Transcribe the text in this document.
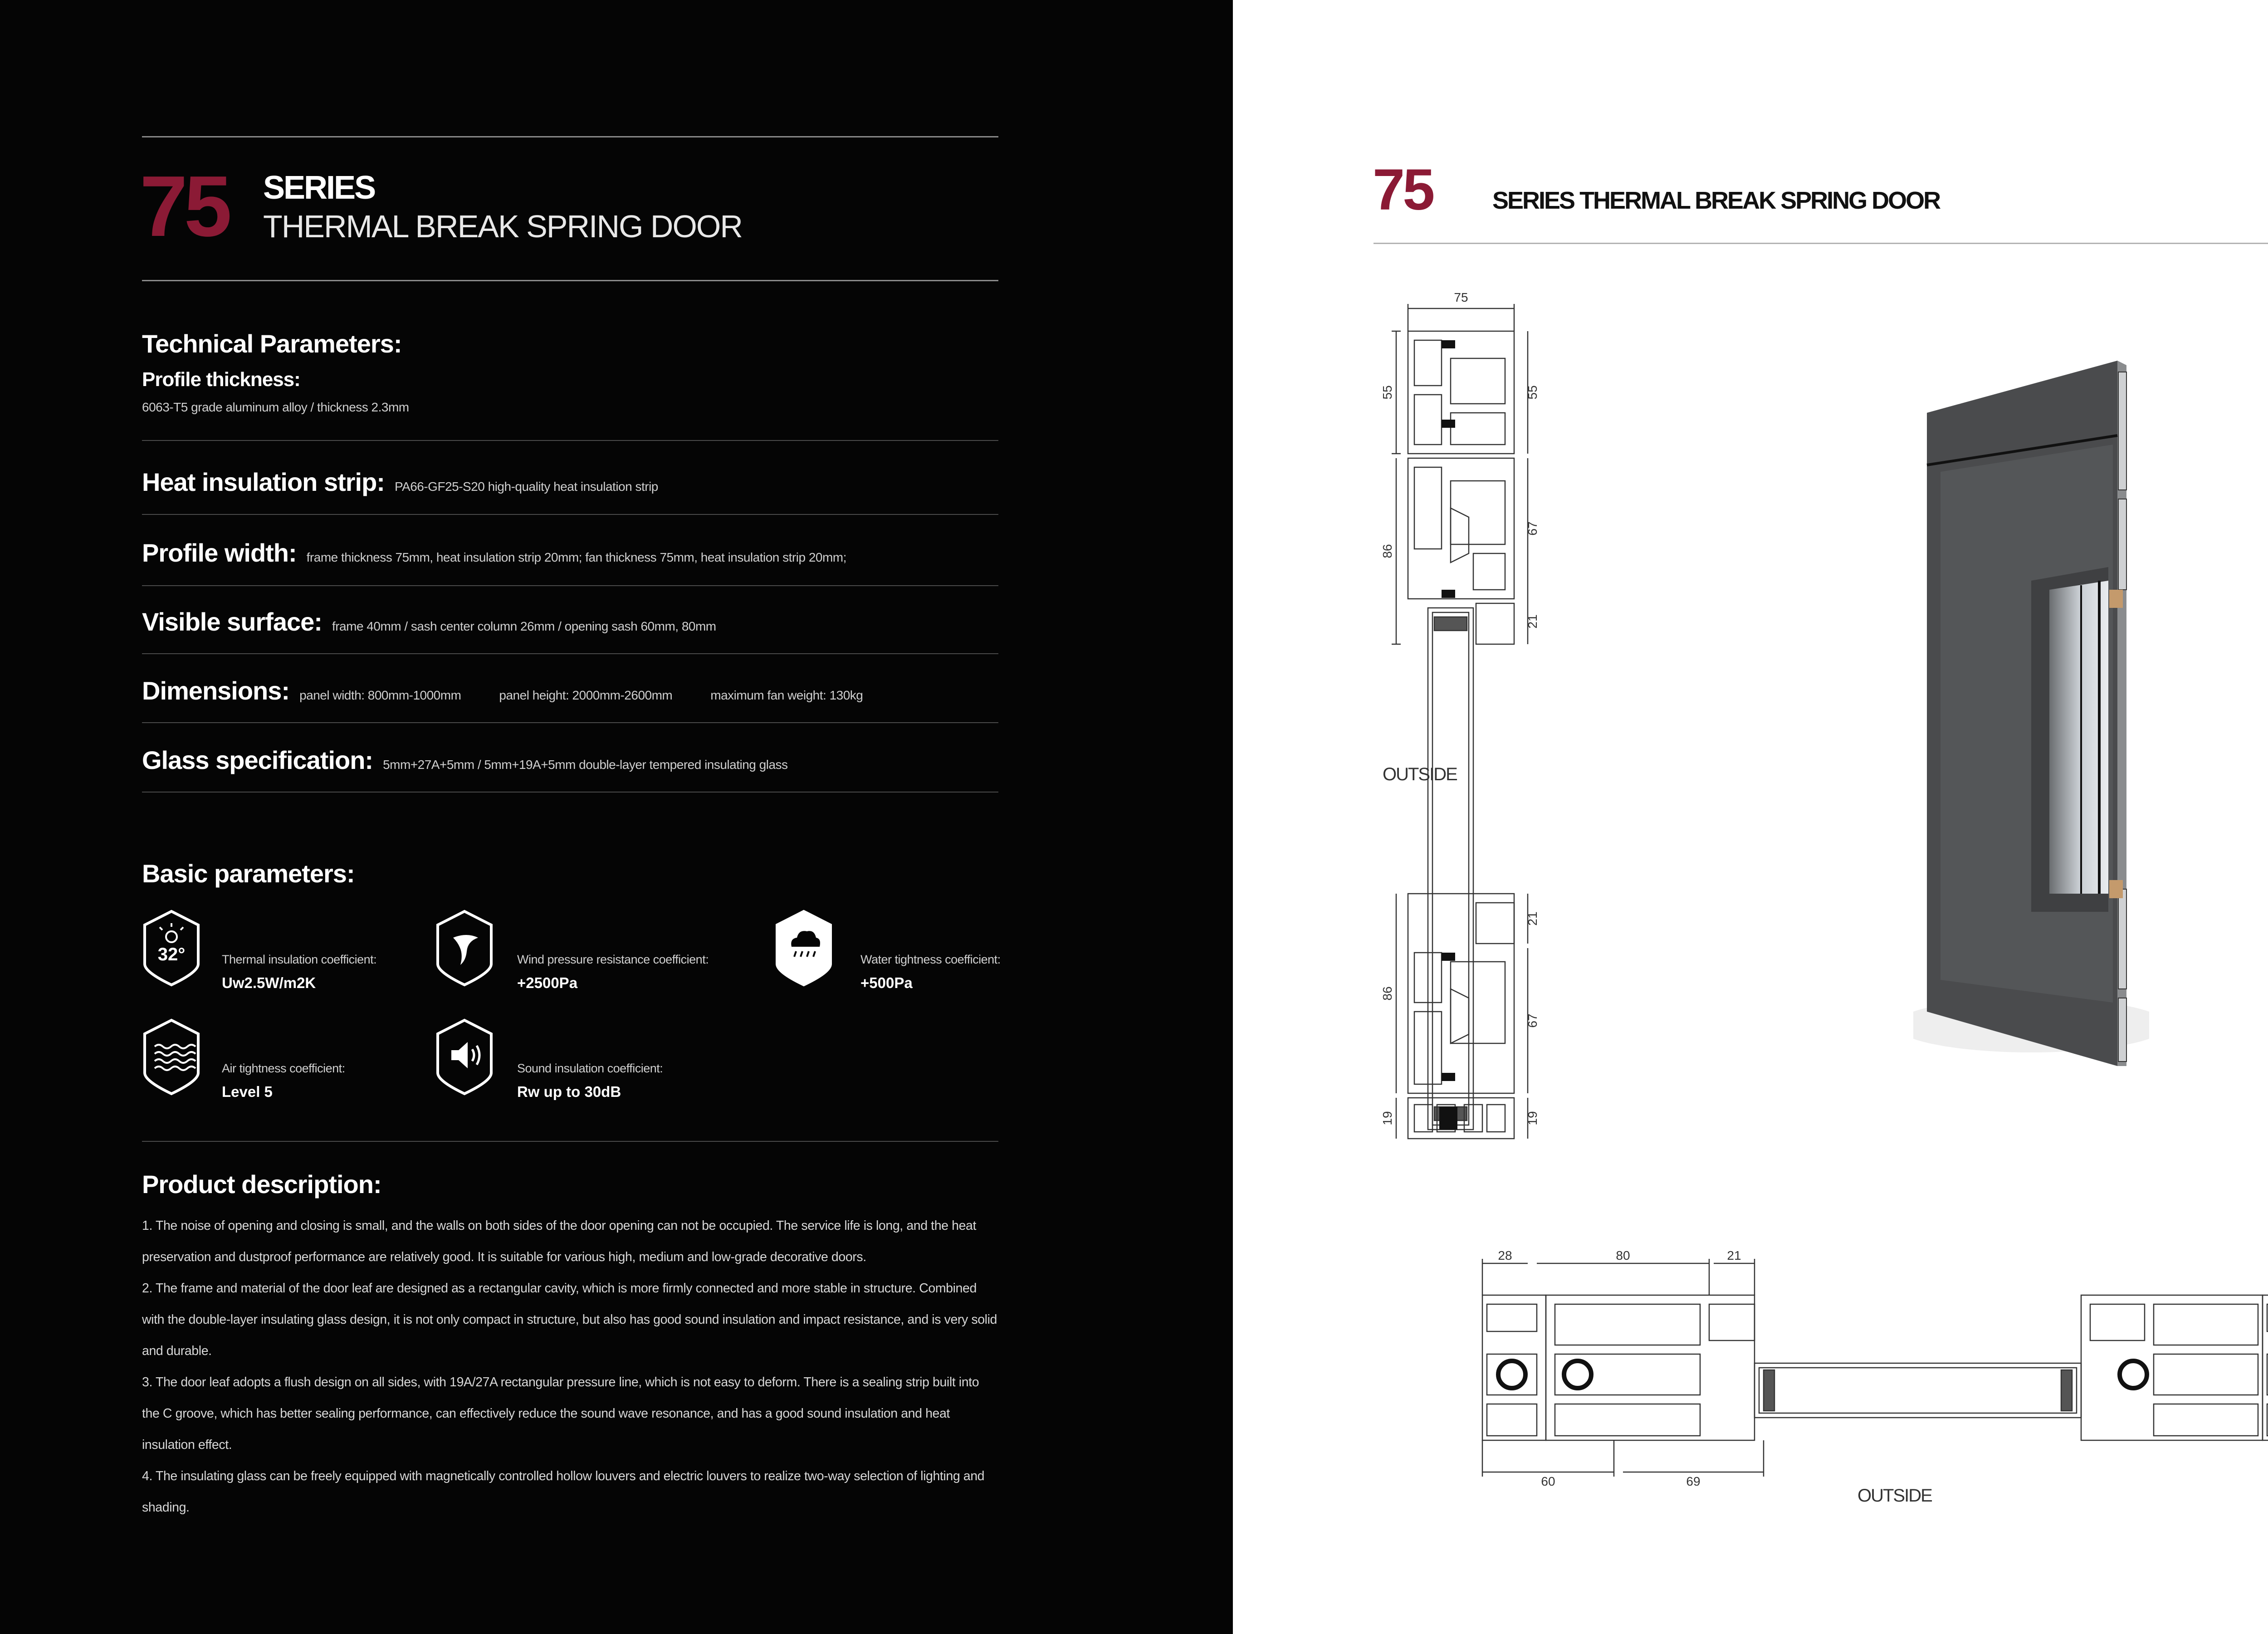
75 SERIES
THERMAL BREAK SPRING DOOR
Technical Parameters:
Profile thickness:
6063-T5 grade aluminum alloy / thickness 2.3mm
Heat insulation strip: PA66-GF25-S20 high-quality heat insulation strip
Profile width: frame thickness 75mm, heat insulation strip 20mm; fan thickness 75mm, heat insulation strip 20mm;
Visible surface: frame 40mm / sash center column 26mm / opening sash 60mm, 80mm
Dimensions: panel width: 800mm-1000mm	panel height: 2000mm-2600mm	maximum fan weight: 130kg
Glass specification: 5mm+27A+5mm / 5mm+19A+5mm double-layer tempered insulating glass
Basic parameters:
32°	Thermal insulation coefficient:
Uw2.5W/m2K
Wind pressure resistance coefficient:
+2500Pa
Water tightness coefficient:
+500Pa
Air tightness coefficient:
Level 5
Sound insulation coefficient:
Rw up to 30dB
Product description:

1. The noise of opening and closing is small, and the walls on both sides of the door opening can not be occupied. The service life is long, and the heat preservation and dustproof performance are relatively good. It is suitable for various high, medium and low-grade decorative doors.

2. The frame and material of the door leaf are designed as a rectangular cavity, which is more firmly connected and more stable in structure. Combined with the double-layer insulating glass design, it is not only compact in structure, but also has good sound insulation and impact resistance, and is very solid and durable.

3. The door leaf adopts a flush design on all sides, with 19A/27A rectangular pressure line, which is not easy to deform. There is a sealing strip built into the C groove, which has better sealing performance, can effectively reduce the sound wave resonance, and has a good sound insulation and heat insulation effect.

4. The insulating glass can be freely equipped with magnetically controlled hollow louvers and electric louvers to realize two-way selection of lighting and shading.

75 SERIES THERMAL BREAK SPRING DOOR
75
55	55
86
67
21
21
86
67
19	19
OUTSIDE
28	80	21
60	69
OUTSIDE
